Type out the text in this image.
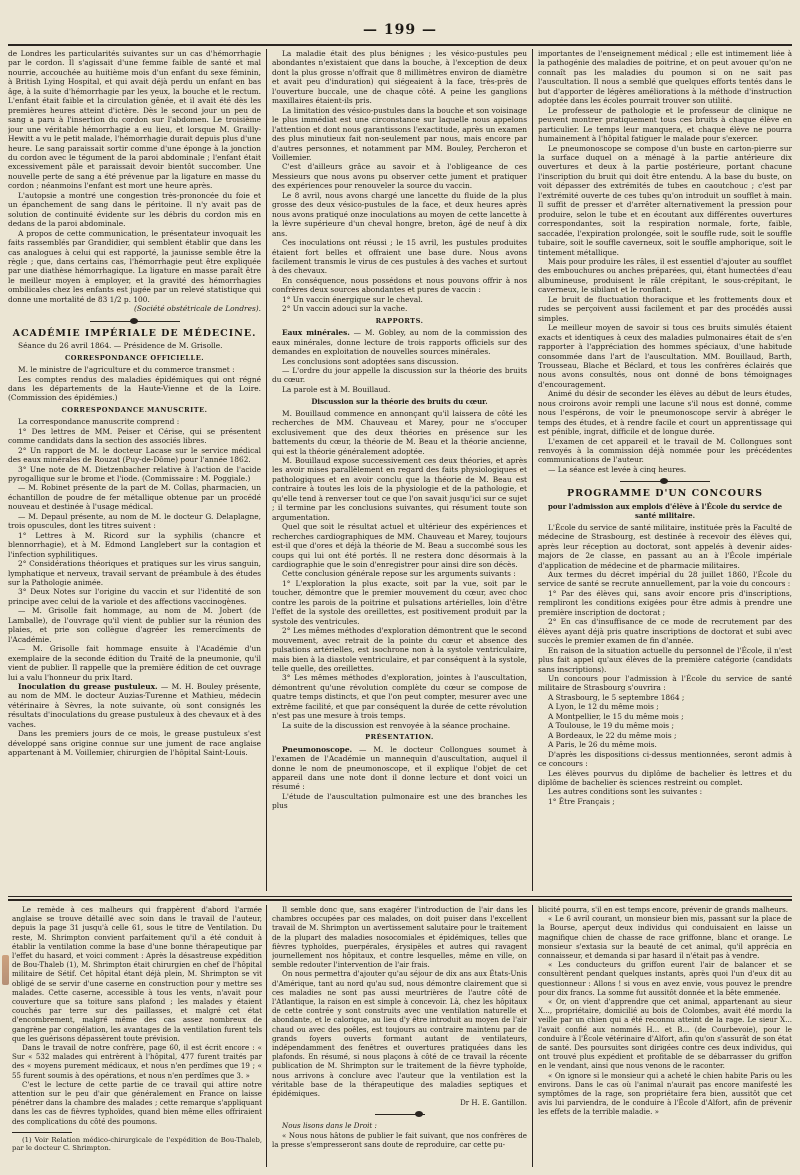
— 199 —

de Londres les particularités suivantes sur un cas d'hémorrhagie par le cordon. Il s'agissait d'une femme faible de santé et mal nourrie, accouchée au huitième mois d'un enfant du sexe féminin, à British Lying Hospital, et qui avait déjà perdu un enfant en bas âge, à la suite d'hémorrhagie par les yeux, la bouche et le rectum. L'enfant était faible et la circulation gênée, et il avait été dès les premières heures atteint d'ictère. Dès le second jour un peu de sang a paru à l'insertion du cordon sur l'abdomen. Le troisième jour une véritable hémorrhagie a eu lieu, et lorsque M. Grailly-Hewitt a vu le petit malade, l'hémorrhagie durait depuis plus d'une heure. Le sang paraissait sortir comme d'une éponge à la jonction du cordon avec le tégument de la paroi abdominale ; l'enfant était excessivement pâle et paraissait devoir bientôt succomber. Une nouvelle perte de sang a été prévenue par la ligature en masse du cordon ; néanmoins l'enfant est mort une heure après.

L'autopsie a montré une congestion très-prononcée du foie et un épanchement de sang dans le péritoine. Il n'y avait pas de solution de continuité évidente sur les débris du cordon mis en dedans de la paroi abdominale.

A propos de cette communication, le présentateur invoquait les faits rassemblés par Grandidier, qui semblent établir que dans les cas analogues à celui qui est rapporté, la jaunisse semble être la règle ; que, dans certains cas, l'hémorrhagie peut être expliquée par une diathèse hémorrhagique. La ligature en masse paraît être le meilleur moyen à employer, et la gravité des hémorrhagies ombilicales chez les enfants est jugée par un relevé statistique qui donne une mortalité de 83 1/2 p. 100.

(Société obstétricale de Londres).

ACADÉMIE IMPÉRIALE DE MÉDECINE.

Séance du 26 avril 1864. — Présidence de M. Grisolle.

CORRESPONDANCE OFFICIELLE.

M. le ministre de l'agriculture et du commerce transmet :

Les comptes rendus des maladies épidémiques qui ont régné dans les départements de la Haute-Vienne et de la Loire. (Commission des épidémies.)

CORRESPONDANCE MANUSCRITE.

La correspondance manuscrite comprend :

1° Des lettres de MM. Peiser et Cérise, qui se présentent comme candidats dans la section des associés libres.

2° Un rapport de M. le docteur Lacase sur le service médical des eaux minérales de Rouzat (Puy-de-Dôme) pour l'année 1862.

3° Une note de M. Dietzenbacher relative à l'action de l'acide pyrogallique sur le brome et l'iode. (Commissaire : M. Poggiale.)

— M. Robinet présente de la part de M. Collas, pharmacien, un échantillon de poudre de fer métallique obtenue par un procédé nouveau et destinée à l'usage médical.

— M. Depaul présente, au nom de M. le docteur G. Delaplagne, trois opuscules, dont les titres suivent :

1° Lettres à M. Ricord sur la syphilis (chancre et blennorrhagie), et à M. Edmond Langlebert sur la contagion et l'infection syphilitiques.

2° Considérations théoriques et pratiques sur les virus sanguin, lymphatique et nerveux, travail servant de préambule à des études sur la Pathologie animée.

3° Deux Notes sur l'origine du vaccin et sur l'identité de son principe avec celui de la variole et des affections vaccinogènes.

— M. Grisolle fait hommage, au nom de M. Jobert (de Lamballe), de l'ouvrage qu'il vient de publier sur la réunion des plaies, et prie son collègue d'agréer les remercîments de l'Académie.

— M. Grisolle fait hommage ensuite à l'Académie d'un exemplaire de la seconde édition du Traité de la pneumonie, qu'il vient de publier. Il rappelle que la première édition de cet ouvrage lui a valu l'honneur du prix Itard.

Inoculation du grease pustuleux. — M. H. Bouley présente, au nom de MM. le docteur Auzias-Turenne et Mathieu, médecin vétérinaire à Sèvres, la note suivante, où sont consignés les résultats d'inoculations du grease pustuleux à des chevaux et à des vaches.

Dans les premiers jours de ce mois, le grease pustuleux s'est développé sans origine connue sur une jument de race anglaise appartenant à M. Voillemier, chirurgien de l'hôpital Saint-Louis.

La maladie était des plus bénignes ; les vésico-pustules peu abondantes n'existaient que dans la bouche, à l'exception de deux dont la plus grosse n'offrait que 8 millimètres environ de diamètre et avait peu d'induration) qui siégeaient à la face, très-près de l'ouverture buccale, une de chaque côté. A peine les ganglions maxillaires étaient-ils pris.

La limitation des vésico-pustules dans la bouche et son voisinage le plus immédiat est une circonstance sur laquelle nous appelons l'attention et dont nous garantissons l'exactitude, après un examen des plus minutieux fait non-seulement par nous, mais encore par d'autres personnes, et notamment par MM. Bouley, Percheron et Voillemier.

C'est d'ailleurs grâce au savoir et à l'obligeance de ces Messieurs que nous avons pu observer cette jument et pratiquer des expériences pour renouveler la source du vaccin.

Le 8 avril, nous avons chargé une lancette du fluide de la plus grosse des deux vésico-pustules de la face, et deux heures après nous avons pratiqué onze inoculations au moyen de cette lancette à la lèvre supérieure d'un cheval hongre, breton, âgé de neuf à dix ans.

Ces inoculations ont réussi ; le 15 avril, les pustules produites étaient fort belles et offraient une base dure. Nous avons facilement transmis le virus de ces pustules à des vaches et surtout à des chevaux.

En conséquence, nous possédons et nous pouvons offrir à nos confrères deux sources abondantes et pures de vaccin :

1° Un vaccin énergique sur le cheval.

2° Un vaccin adouci sur la vache.

RAPPORTS.

Eaux minérales. — M. Gobley, au nom de la commission des eaux minérales, donne lecture de trois rapports officiels sur des demandes en exploitation de nouvelles sources minérales.

Les conclusions sont adoptées sans discussion.

— L'ordre du jour appelle la discussion sur la théorie des bruits du cœur.

La parole est à M. Bouillaud.

Discussion sur la théorie des bruits du cœur.

M. Bouillaud commence en annonçant qu'il laissera de côté les recherches de MM. Chauveau et Marey, pour ne s'occuper exclusivement que des deux théories en présence sur les battements du cœur, la théorie de M. Beau et la théorie ancienne, qui est la théorie généralement adoptée.

M. Bouillaud expose successivement ces deux théories, et après les avoir mises parallèlement en regard des faits physiologiques et pathologiques et en avoir conclu que la théorie de M. Beau est contraire à toutes les lois de la physiologie et de la pathologie, et qu'elle tend à renverser tout ce que l'on savait jusqu'ici sur ce sujet ; il termine par les conclusions suivantes, qui résument toute son argumentation.

Quel que soit le résultat actuel et ultérieur des expériences et recherches cardiographiques de MM. Chauveau et Marey, toujours est-il que d'ores et déjà la théorie de M. Beau a succombé sous les coups qui lui ont été portés. Il ne restera donc désormais à la cardiographie que le soin d'enregistrer pour ainsi dire son décès.

Cette conclusion générale repose sur les arguments suivants :

1° L'exploration la plus exacte, soit par la vue, soit par le toucher, démontre que le premier mouvement du cœur, avec choc contre les parois de la poitrine et pulsations artérielles, loin d'être l'effet de la systole des oreillettes, est positivement produit par la systole des ventricules.

2° Les mêmes méthodes d'exploration démontrent que le second mouvement, avec retrait de la pointe du cœur et absence des pulsations artérielles, est isochrone non à la systole ventriculaire, mais bien à la diastole ventriculaire, et par conséquent à la systole, telle quelle, des oreillettes.

3° Les mêmes méthodes d'exploration, jointes à l'auscultation, démontrent qu'une révolution complète du cœur se compose de quatre temps distincts, et que l'on peut compter, mesurer avec une extrême facilité, et que par conséquent la durée de cette révolution n'est pas une mesure à trois temps.

La suite de la discussion est renvoyée à la séance prochaine.

PRÉSENTATION.

Pneumonoscope. — M. le docteur Collongues soumet à l'examen de l'Académie un mannequin d'auscultation, auquel il donne le nom de pneumonoscope, et il explique l'objet de cet appareil dans une note dont il donne lecture et dont voici un résumé :

L'étude de l'auscultation pulmonaire est une des branches les plus

importantes de l'enseignement médical ; elle est intimement liée à la pathogénie des maladies de poitrine, et on peut avouer qu'on ne connaît pas les maladies du poumon si on ne sait pas l'auscultation. Il nous a semblé que quelques efforts tentés dans le but d'apporter de légères améliorations à la méthode d'instruction adoptée dans les écoles pourrait trouver son utilité.

Le professeur de pathologie et le professeur de clinique ne peuvent montrer pratiquement tous ces bruits à chaque élève en particulier. Le temps leur manquera, et chaque élève ne pourra humainement à l'hôpital fatiguer le malade pour s'exercer.

Le pneumonoscope se compose d'un buste en carton-pierre sur la surface duquel on a ménagé à la partie antérieure dix ouvertures et deux à la partie postérieure, portant chacune l'inscription du bruit qui doit être entendu. A la base du buste, on voit dépasser des extrémités de tubes en caoutchouc ; c'est par l'extrémité ouverte de ces tubes qu'on introduit un soufflet à main. Il suffit de presser et d'arrêter alternativement la pression pour produire, selon le tube et en écoutant aux différentes ouvertures correspondantes, soit la respiration normale, forte, faible, saccadée, l'expiration prolongée, soit le souffle rude, soit le souffle tubaire, soit le souffle caverneux, soit le souffle amphorique, soit le tintement métallique.

Mais pour produire les râles, il est essentiel d'ajouter au soufflet des embouchures ou anches préparées, qui, étant humectées d'eau albumineuse, produisent le râle crépitant, le sous-crépitant, le caverneux, le sibilant et le ronflant.

Le bruit de fluctuation thoracique et les frottements doux et rudes se perçoivent aussi facilement et par des procédés aussi simples.

Le meilleur moyen de savoir si tous ces bruits simulés étaient exacts et identiques à ceux des maladies pulmonaires était de s'en rapporter à l'appréciation des hommes spéciaux, d'une habitude consommée dans l'art de l'auscultation. MM. Bouillaud, Barth, Trousseau, Blache et Béclard, et tous les confrères éclairés que nous avons consultés, nous ont donné de bons témoignages d'encouragement.

Animé du désir de seconder les élèves au début de leurs études, nous croirons avoir rempli une lacune s'il nous est donné, comme nous l'espérons, de voir le pneumonoscope servir à abréger le temps des études, et à rendre facile et court un apprentissage qui est pénible, ingrat, difficile et de longue durée.

L'examen de cet appareil et le travail de M. Collongues sont renvoyés à la commission déjà nommée pour les précédentes communications de l'auteur.

— La séance est levée à cinq heures.

PROGRAMME D'UN CONCOURS
pour l'admission aux emplois d'élève à l'École du service de santé militaire.

L'École du service de santé militaire, instituée près la Faculté de médecine de Strasbourg, est destinée à recevoir des élèves qui, après leur réception au doctorat, sont appelés à devenir aides-majors de 2e classe, en passant au an à l'École impériale d'application de médecine et de pharmacie militaires.

Aux termes du décret impérial du 28 juillet 1860, l'École du service de santé se recrute annuellement, par la voie du concours :

1° Par des élèves qui, sans avoir encore pris d'inscriptions, rempliront les conditions exigées pour être admis à prendre une première inscription de doctorat ;

2° En cas d'insuffisance de ce mode de recrutement par des élèves ayant déjà pris quatre inscriptions de doctorat et subi avec succès le premier examen de fin d'année.

En raison de la situation actuelle du personnel de l'École, il n'est plus fait appel qu'aux élèves de la première catégorie (candidats sans inscriptions).

Un concours pour l'admission à l'École du service de santé militaire de Strasbourg s'ouvrira :

A Strasbourg, le 5 septembre 1864 ;

A Lyon, le 12 du même mois ;

A Montpellier, le 15 du même mois ;

A Toulouse, le 19 du même mois ;

A Bordeaux, le 22 du même mois ;

A Paris, le 26 du même mois.

D'après les dispositions ci-dessus mentionnées, seront admis à ce concours :

Les élèves pourvus du diplôme de bachelier ès lettres et du diplôme de bachelier ès sciences restreint ou complet.

Les autres conditions sont les suivantes :

1° Être Français ;

Le remède à ces malheurs qui frappèrent d'abord l'armée anglaise se trouve détaillé avec soin dans le travail de l'auteur, depuis la page 31 jusqu'à celle 61, sous le titre de Ventilation. Du reste, M. Shrimpton convient parfaitement qu'il a été conduit à établir la ventilation comme la base d'une bonne thérapeutique par l'effet du hasard, et voici comment : Après la désastreuse expédition de Bou-Thaleb (1), M. Shrimpton était chirurgien en chef de l'hôpital militaire de Sétif. Cet hôpital étant déjà plein, M. Shrimpton se vit obligé de se servir d'une caserne en construction pour y mettre ses malades. Cette caserne, accessible à tous les vents, n'avait pour couverture que sa toiture sans plafond ; les malades y étaient couchés par terre sur des paillasses, et malgré cet état d'encombrement, malgré même des cas assez nombreux de gangrène par congélation, les avantages de la ventilation furent tels que les guérisons dépassèrent toute prévision.

Dans le travail de notre confrère, page 60, il est écrit encore : « Sur « 532 malades qui entrèrent à l'hôpital, 477 furent traités par des « moyens purement médicaux, et nous n'en perdîmes que 19 ; « 55 furent soumis à des opérations, et nous n'en perdîmes que 3. »

C'est le lecture de cette partie de ce travail qui attire notre attention sur le peu d'air que généralement en France on laisse pénétrer dans la chambre des malades ; cette remarque s'appliquant dans les cas de fièvres typhoïdes, quand bien même elles offriraient des complications du côté des poumons.

(1) Voir Relation médico-chirurgicale de l'expédition de Bou-Thaleb, par le docteur C. Shrimpton.

Il semble donc que, sans exagérer l'introduction de l'air dans les chambres occupées par ces malades, on doit puiser dans l'excellent travail de M. Shrimpton un avertissement salutaire pour le traitement de la plupart des maladies nosocomiales et épidémiques, telles que fièvres typhoïdes, puerpérales, érysipèles et autres qui ravagent journellement nos hôpitaux, et contre lesquelles, même en ville, on semble redouter l'intervention de l'air frais.

On nous permettra d'ajouter qu'au séjour de dix ans aux États-Unis d'Amérique, tant au nord qu'au sud, nous démontre clairement que si ces maladies ne sont pas aussi meurtrières de l'autre côté de l'Atlantique, la raison en est simple à concevoir. Là, chez les hôpitaux de cette contrée y sont construits avec une ventilation naturelle et abondante, et le calorique, au lieu d'y être introduit au moyen de l'air chaud ou avec des poêles, est toujours au contraire maintenu par de grands foyers ouverts formant autant de ventilateurs, indépendamment des fenêtres et ouvertures pratiquées dans les plafonds. En résumé, si nous plaçons à côté de ce travail la récente publication de M. Shrimpton sur le traitement de la fièvre typhoïde, nous arrivons à conclure avec l'auteur que la ventilation est la véritable base de la thérapeutique des maladies septiques et épidémiques.

Dr H. E. Gantillon.

Nous lisons dans le Droit :

« Nous nous hâtons de publier le fait suivant, que nos confrères de la presse s'empresseront sans doute de reproduire, car cette pu-

blicité pourra, s'il en est temps encore, prévenir de grands malheurs.

« Le 6 avril courant, un monsieur bien mis, passant sur la place de la Bourse, aperçut deux individus qui conduisaient en laisse un magnifique chien de chasse de race griffonne, blanc et orange. Le monsieur s'extasia sur la beauté de cet animal, qu'il apprécia en connaisseur, et demanda si par hasard il n'était pas à vendre.

« Les conducteurs du griffon eurent l'air de balancer et se consultèrent pendant quelques instants, après quoi l'un d'eux dit au questionneur : Allons ! si vous en avez envie, vous pouvez le prendre pour dix francs. La somme fut aussitôt donnée et la bête emmenée.

« Or, on vient d'apprendre que cet animal, appartenant au sieur X..., propriétaire, domicilié au bois de Colombes, avait été mordu la veille par un chien qui a été reconnu atteint de la rage. Le sieur X... l'avait confié aux nommés H... et B... (de Courbevoie), pour le conduire à l'École vétérinaire d'Alfort, afin qu'on s'assurât de son état de santé. Des poursuites sont dirigées contre ces deux individus, qui ont trouvé plus expédient et profitable de se débarrasser du griffon en le vendant, ainsi que nous venons de le raconter.

« On ignore si le monsieur qui a acheté le chien habite Paris ou les environs. Dans le cas où l'animal n'aurait pas encore manifesté les symptômes de la rage, son propriétaire fera bien, aussitôt que cet avis lui parviendra, de le conduire à l'École d'Alfort, afin de prévenir les effets de la terrible maladie. »
